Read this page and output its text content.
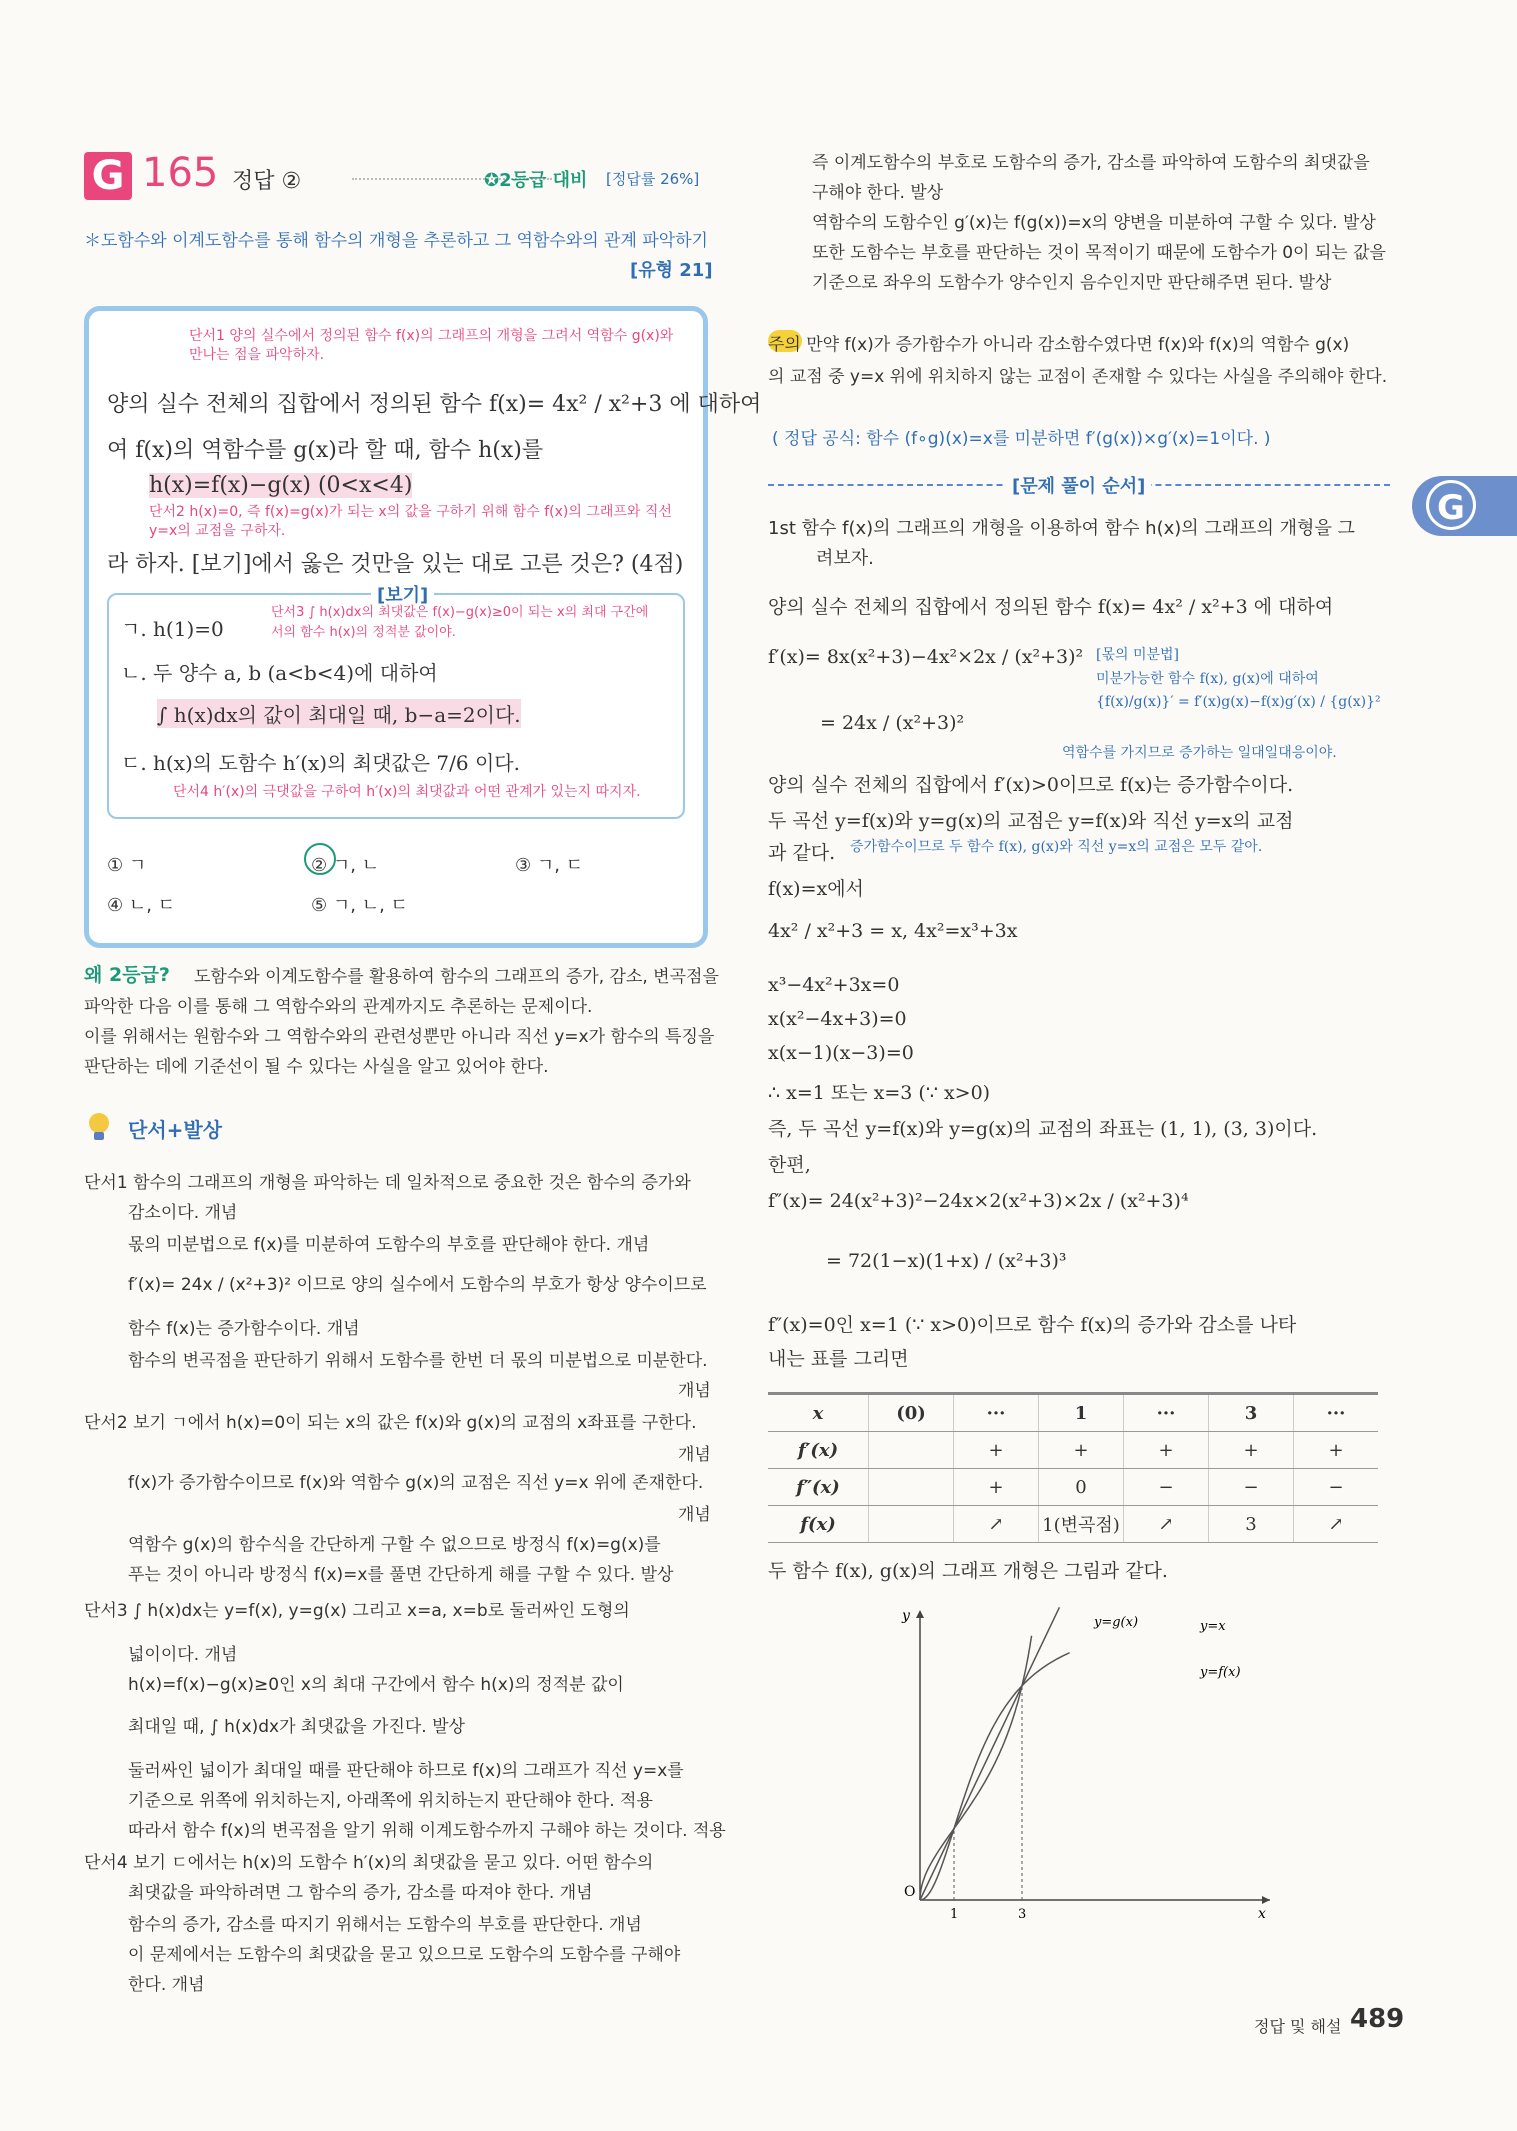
G 165 정답 ②	✪2등급 대비 [정답률 26%]
＊도함수와 이계도함수를 통해 함수의 개형을 추론하고 그 역함수와의 관계 파악하기
[유형 21]
단서1 양의 실수에서 정의된 함수 f(x)의 그래프의 개형을 그려서 역함수 g(x)와 만나는 점을 파악하자.
양의 실수 전체의 집합에서 정의된 함수 f(x)= 4x² / x²+3 에 대하여
여 f(x)의 역함수를 g(x)라 할 때, 함수 h(x)를
h(x)=f(x)−g(x) (0<x<4)
단서2 h(x)=0, 즉 f(x)=g(x)가 되는 x의 값을 구하기 위해 함수 f(x)의 그래프와 직선 y=x의 교점을 구하자.
라 하자. [보기]에서 옳은 것만을 있는 대로 고른 것은? (4점)
[보기]
단서3 ∫ h(x)dx의 최댓값은 f(x)−g(x)≥0이 되는 x의 최대 구간에서의 함수 h(x)의 정적분 값이야.
ㄱ. h(1)=0
ㄴ. 두 양수 a, b (a<b<4)에 대하여
∫ h(x)dx의 값이 최대일 때, b−a=2이다.
ㄷ. h(x)의 도함수 h′(x)의 최댓값은 7/6 이다.
단서4 h′(x)의 극댓값을 구하여 h′(x)의 최댓값과 어떤 관계가 있는지 따지자.
① ㄱ	② ㄱ, ㄴ	③ ㄱ, ㄷ
④ ㄴ, ㄷ	⑤ ㄱ, ㄴ, ㄷ
왜 2등급? 도함수와 이계도함수를 활용하여 함수의 그래프의 증가, 감소, 변곡점을
파악한 다음 이를 통해 그 역함수와의 관계까지도 추론하는 문제이다.
이를 위해서는 원함수와 그 역함수와의 관련성뿐만 아니라 직선 y=x가 함수의 특징을
판단하는 데에 기준선이 될 수 있다는 사실을 알고 있어야 한다.
단서+발상
단서1 함수의 그래프의 개형을 파악하는 데 일차적으로 중요한 것은 함수의 증가와
감소이다. 개념
몫의 미분법으로 f(x)를 미분하여 도함수의 부호를 판단해야 한다. 개념
f′(x)= 24x / (x²+3)² 이므로 양의 실수에서 도함수의 부호가 항상 양수이므로
함수 f(x)는 증가함수이다. 개념
함수의 변곡점을 판단하기 위해서 도함수를 한번 더 몫의 미분법으로 미분한다.
개념
단서2 보기 ㄱ에서 h(x)=0이 되는 x의 값은 f(x)와 g(x)의 교점의 x좌표를 구한다.
개념
f(x)가 증가함수이므로 f(x)와 역함수 g(x)의 교점은 직선 y=x 위에 존재한다.
개념
역함수 g(x)의 함수식을 간단하게 구할 수 없으므로 방정식 f(x)=g(x)를
푸는 것이 아니라 방정식 f(x)=x를 풀면 간단하게 해를 구할 수 있다. 발상
단서3 ∫ h(x)dx는 y=f(x), y=g(x) 그리고 x=a, x=b로 둘러싸인 도형의
넓이이다. 개념
h(x)=f(x)−g(x)≥0인 x의 최대 구간에서 함수 h(x)의 정적분 값이
최대일 때, ∫ h(x)dx가 최댓값을 가진다. 발상
둘러싸인 넓이가 최대일 때를 판단해야 하므로 f(x)의 그래프가 직선 y=x를
기준으로 위쪽에 위치하는지, 아래쪽에 위치하는지 판단해야 한다. 적용
따라서 함수 f(x)의 변곡점을 알기 위해 이계도함수까지 구해야 하는 것이다. 적용
단서4 보기 ㄷ에서는 h(x)의 도함수 h′(x)의 최댓값을 묻고 있다. 어떤 함수의
최댓값을 파악하려면 그 함수의 증가, 감소를 따져야 한다. 개념
함수의 증가, 감소를 따지기 위해서는 도함수의 부호를 판단한다. 개념
이 문제에서는 도함수의 최댓값을 묻고 있으므로 도함수의 도함수를 구해야
한다. 개념
즉 이계도함수의 부호로 도함수의 증가, 감소를 파악하여 도함수의 최댓값을
구해야 한다. 발상
역함수의 도함수인 g′(x)는 f(g(x))=x의 양변을 미분하여 구할 수 있다. 발상
또한 도함수는 부호를 판단하는 것이 목적이기 때문에 도함수가 0이 되는 값을
기준으로 좌우의 도함수가 양수인지 음수인지만 판단해주면 된다. 발상
주의 만약 f(x)가 증가함수가 아니라 감소함수였다면 f(x)와 f(x)의 역함수 g(x)
의 교점 중 y=x 위에 위치하지 않는 교점이 존재할 수 있다는 사실을 주의해야 한다.
( 정답 공식: 함수 (f∘g)(x)=x를 미분하면 f′(g(x))×g′(x)=1이다. )
[문제 풀이 순서]
G
1st 함수 f(x)의 그래프의 개형을 이용하여 함수 h(x)의 그래프의 개형을 그
려보자.
양의 실수 전체의 집합에서 정의된 함수 f(x)= 4x² / x²+3 에 대하여
f′(x)= 8x(x²+3)−4x²×2x / (x²+3)²
= 24x / (x²+3)²
[몫의 미분법]
미분가능한 함수 f(x), g(x)에 대하여
{f(x)/g(x)}′ = f′(x)g(x)−f(x)g′(x) / {g(x)}²
역함수를 가지므로 증가하는 일대일대응이야.
양의 실수 전체의 집합에서 f′(x)>0이므로 f(x)는 증가함수이다.
두 곡선 y=f(x)와 y=g(x)의 교점은 y=f(x)와 직선 y=x의 교점
과 같다. 증가함수이므로 두 함수 f(x), g(x)와 직선 y=x의 교점은 모두 같아.
f(x)=x에서
4x² / x²+3 = x, 4x²=x³+3x
x³−4x²+3x=0
x(x²−4x+3)=0
x(x−1)(x−3)=0
∴ x=1 또는 x=3 (∵ x>0)
즉, 두 곡선 y=f(x)와 y=g(x)의 교점의 좌표는 (1, 1), (3, 3)이다.
한편,
f″(x)= 24(x²+3)²−24x×2(x²+3)×2x / (x²+3)⁴
= 72(1−x)(1+x) / (x²+3)³
f″(x)=0인 x=1 (∵ x>0)이므로 함수 f(x)의 증가와 감소를 나타
내는 표를 그리면
x	(0)	···	1	···	3	···
f′(x)		+	+	+	+	+
f″(x)		+	0	−	−	−
f(x)		↗	1(변곡점)	↗	3	↗
두 함수 f(x), g(x)의 그래프 개형은 그림과 같다.
y
x
O
1	3
y=g(x)	y=x
y=f(x)
정답 및 해설 489
